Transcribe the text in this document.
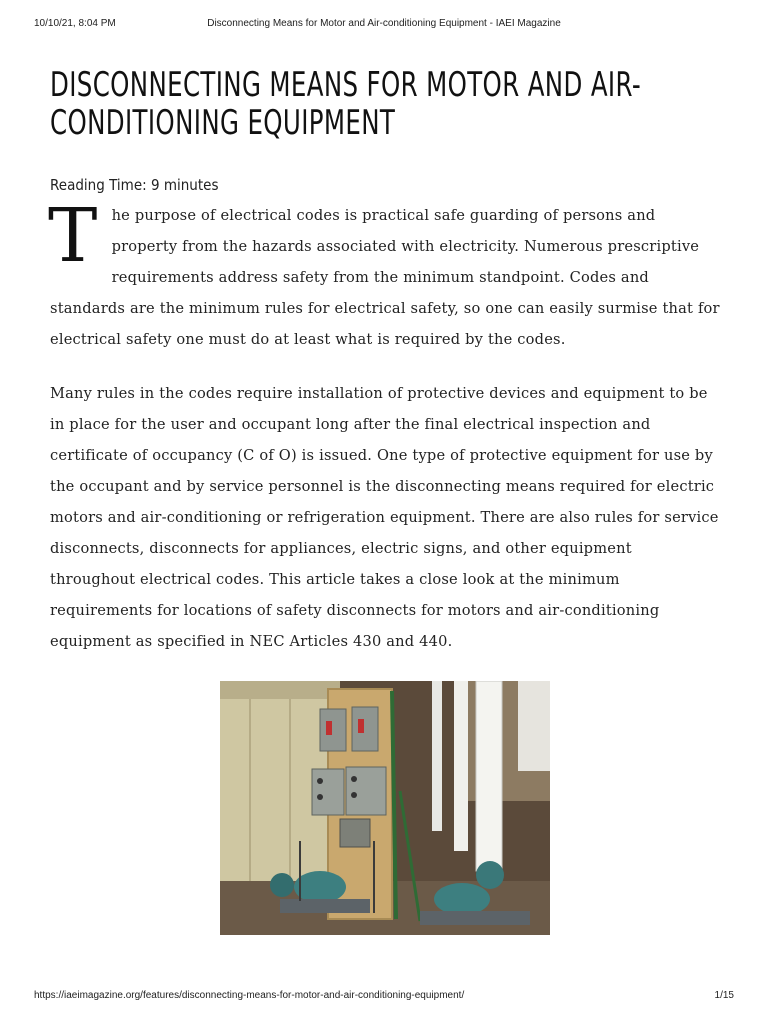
10/10/21, 8:04 PM	Disconnecting Means for Motor and Air-conditioning Equipment - IAEI Magazine
DISCONNECTING MEANS FOR MOTOR AND AIR-CONDITIONING EQUIPMENT
Reading Time: 9 minutes

The purpose of electrical codes is practical safe guarding of persons and property from the hazards associated with electricity. Numerous prescriptive requirements address safety from the minimum standpoint. Codes and standards are the minimum rules for electrical safety, so one can easily surmise that for electrical safety one must do at least what is required by the codes.

Many rules in the codes require installation of protective devices and equipment to be in place for the user and occupant long after the final electrical inspection and certificate of occupancy (C of O) is issued. One type of protective equipment for use by the occupant and by service personnel is the disconnecting means required for electric motors and air-conditioning or refrigeration equipment. There are also rules for service disconnects, disconnects for appliances, electric signs, and other equipment throughout electrical codes. This article takes a close look at the minimum requirements for locations of safety disconnects for motors and air-conditioning equipment as specified in NEC Articles 430 and 440.

https://iaeimagazine.org/features/disconnecting-means-for-motor-and-air-conditioning-equipment/	1/15
